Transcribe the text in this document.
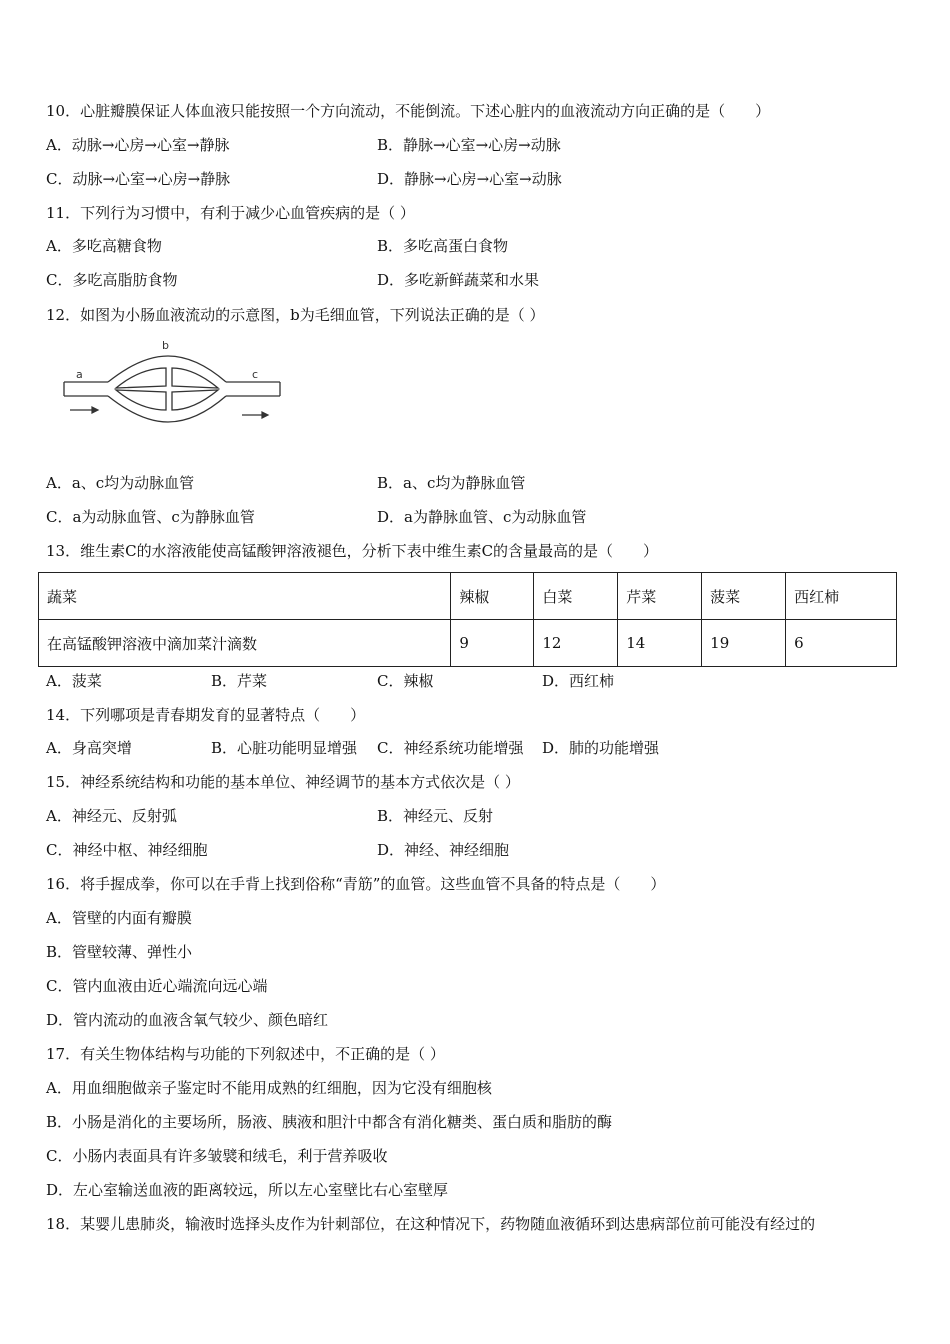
10．心脏瓣膜保证人体血液只能按照一个方向流动，不能倒流。下述心脏内的血液流动方向正确的是（　　）
A．动脉→心房→心室→静脉	B．静脉→心室→心房→动脉
C．动脉→心室→心房→静脉	D．静脉→心房→心室→动脉
11．下列行为习惯中，有利于减少心血管疾病的是（ ）
A．多吃高糖食物	B．多吃高蛋白食物
C．多吃高脂肪食物	D．多吃新鲜蔬菜和水果
12．如图为小肠血液流动的示意图，b为毛细血管，下列说法正确的是（ ）
a
b
c
A．a、c均为动脉血管	B．a、c均为静脉血管
C．a为动脉血管、c为静脉血管	D．a为静脉血管、c为动脉血管
13．维生素C的水溶液能使高锰酸钾溶液褪色，分析下表中维生素C的含量最高的是（　　）
蔬菜	辣椒	白菜	芹菜	菠菜	西红柿
在高锰酸钾溶液中滴加菜汁滴数	9	12	14	19	6
A．菠菜	B．芹菜	C．辣椒	D．西红柿
14．下列哪项是青春期发育的显著特点（　　）
A．身高突增	B．心脏功能明显增强 C．神经系统功能增强 D．肺的功能增强
15．神经系统结构和功能的基本单位、神经调节的基本方式依次是（ ）
A．神经元、反射弧	B．神经元、反射
C．神经中枢、神经细胞	D．神经、神经细胞
16．将手握成拳，你可以在手背上找到俗称“青筋”的血管。这些血管不具备的特点是（　　）
A．管壁的内面有瓣膜
B．管壁较薄、弹性小
C．管内血液由近心端流向远心端
D．管内流动的血液含氧气较少、颜色暗红
17．有关生物体结构与功能的下列叙述中，不正确的是（ ）
A．用血细胞做亲子鉴定时不能用成熟的红细胞，因为它没有细胞核
B．小肠是消化的主要场所，肠液、胰液和胆汁中都含有消化糖类、蛋白质和脂肪的酶
C．小肠内表面具有许多皱襞和绒毛，利于营养吸收
D．左心室输送血液的距离较远，所以左心室壁比右心室壁厚
18．某婴儿患肺炎，输液时选择头皮作为针刺部位，在这种情况下，药物随血液循环到达患病部位前可能没有经过的
